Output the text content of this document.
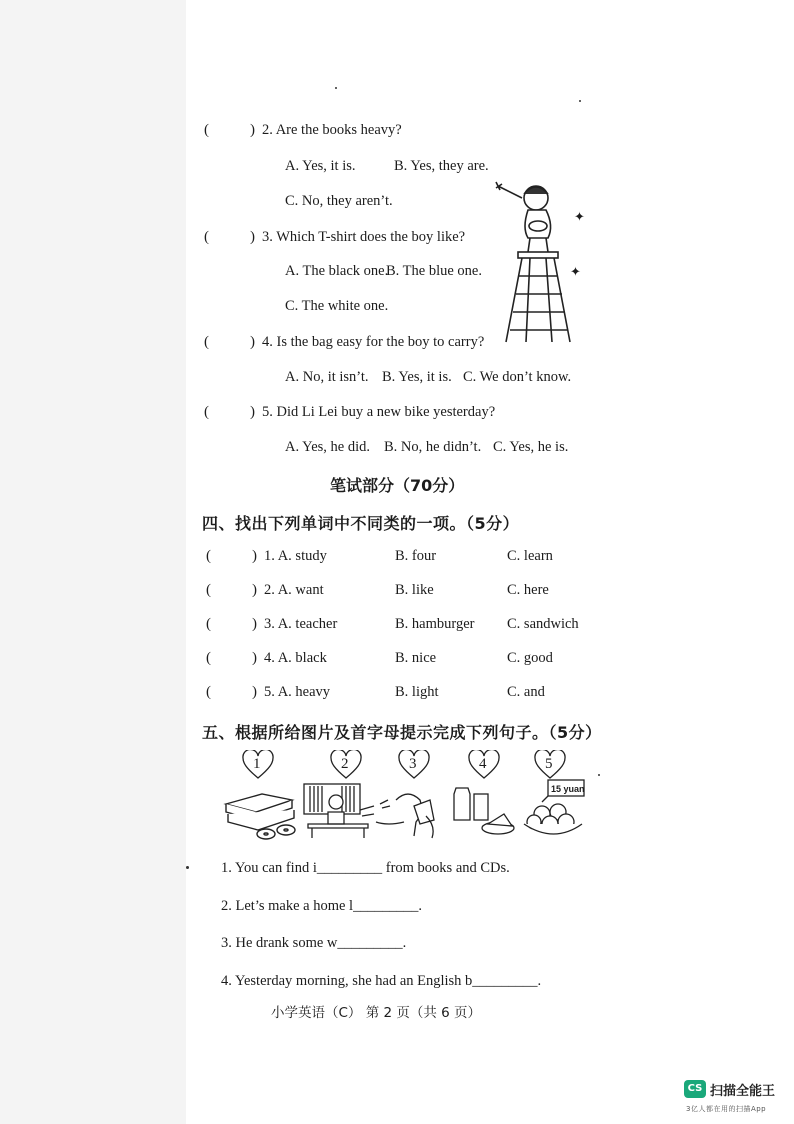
(	) 2. Are the books heavy?
A. Yes, it is.	B. Yes, they are.
C. No, they aren’t.
(	) 3. Which T-shirt does the boy like?
A. The black one.
B. The blue one.
C. The white one.
(	) 4. Is the bag easy for the boy to carry?
A. No, it isn’t. B. Yes, it is. C. We don’t know.
(	) 5. Did Li Lei buy a new bike yesterday?
A. Yes, he did. B. No, he didn’t. C. Yes, he is.
✦
✦
笔试部分（70分）
四、找出下列单词中不同类的一项。（5分）
(	) 1. A. study	B. four	C. learn
(	) 2. A. want	B. like	C. here
(	) 3. A. teacher	B. hamburger C. sandwich
(	) 4. A. black	B. nice	C. good
(	) 5. A. heavy	B. light	C. and
五、根据所给图片及首字母提示完成下列句子。（5分）
1	2	3	4	5
15 yuan
1. You can find i_________ from books and CDs.
2. Let’s make a home l_________.
3. He drank some w_________.
4. Yesterday morning, she had an English b_________.
小学英语（C） 第 2 页（共 6 页）
CS 扫描全能王
3亿人都在用的扫描App
